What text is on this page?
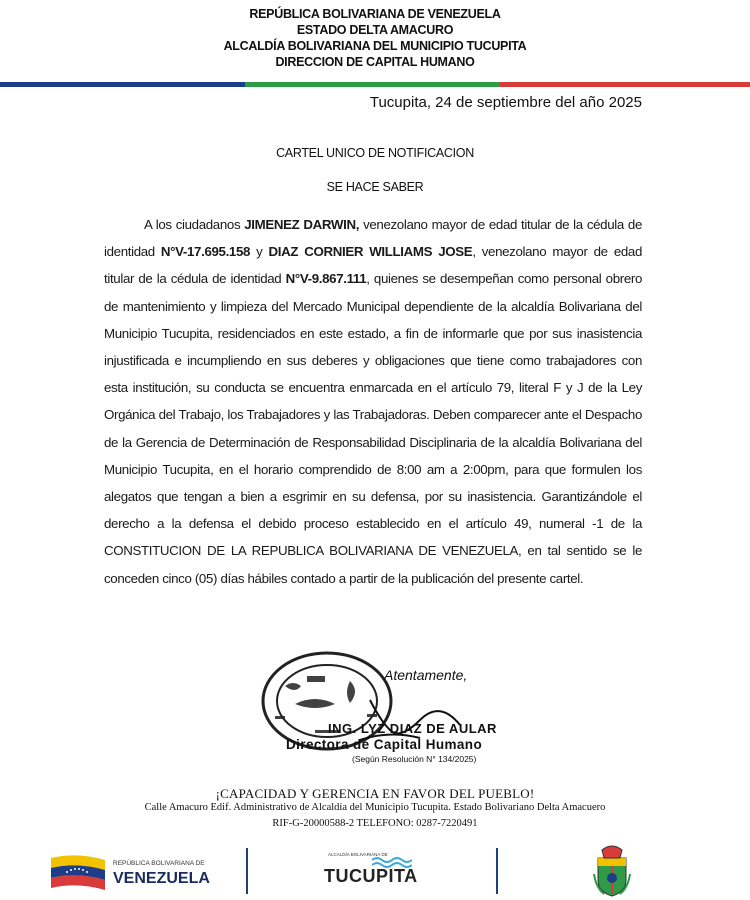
REPÚBLICA BOLIVARIANA DE VENEZUELA
ESTADO DELTA AMACURO
ALCALDÍA BOLIVARIANA DEL MUNICIPIO TUCUPITA
DIRECCION DE CAPITAL HUMANO
Tucupita, 24 de septiembre del año 2025
CARTEL UNICO DE NOTIFICACION
SE HACE SABER

A los ciudadanos JIMENEZ DARWIN, venezolano mayor de edad titular de la cédula de identidad N°V-17.695.158 y DIAZ CORNIER WILLIAMS JOSE, venezolano mayor de edad titular de la cédula de identidad N°V-9.867.111, quienes se desempeñan como personal obrero de mantenimiento y limpieza del Mercado Municipal dependiente de la alcaldía Bolivariana del Municipio Tucupita, residenciados en este estado, a fin de informarle que por sus inasistencia injustificada e incumpliendo en sus deberes y obligaciones que tiene como trabajadores con esta institución, su conducta se encuentra enmarcada en el artículo 79, literal F y J de la Ley Orgánica del Trabajo, los Trabajadores y las Trabajadoras. Deben comparecer ante el Despacho de la Gerencia de Determinación de Responsabilidad Disciplinaria de la alcaldía Bolivariana del Municipio Tucupita, en el horario comprendido de 8:00 am a 2:00pm, para que formulen los alegatos que tengan a bien a esgrimir en su defensa, por su inasistencia. Garantizándole el derecho a la defensa el debido proceso establecido en el artículo 49, numeral -1 de la CONSTITUCION DE LA REPUBLICA BOLIVARIANA DE VENEZUELA, en tal sentido se le conceden cinco (05) días hábiles contado a partir de la publicación del presente cartel.

Atentamente,
ING. LYZ DIAZ DE AULAR
Directora de Capital Humano
(Según Resolución N° 134/2025)
¡CAPACIDAD Y GERENCIA EN FAVOR DEL PUEBLO!
Calle Amacuro Edif. Administrativo de Alcaldía del Municipio Tucupita. Estado Bolivariano Delta Amacuero
RIF-G-20000588-2 TELEFONO: 0287-7220491
REPÚBLICA BOLIVARIANA DE
VENEZUELA
ALCALDÍA BOLIVARIANA DE
TUCUPITA
